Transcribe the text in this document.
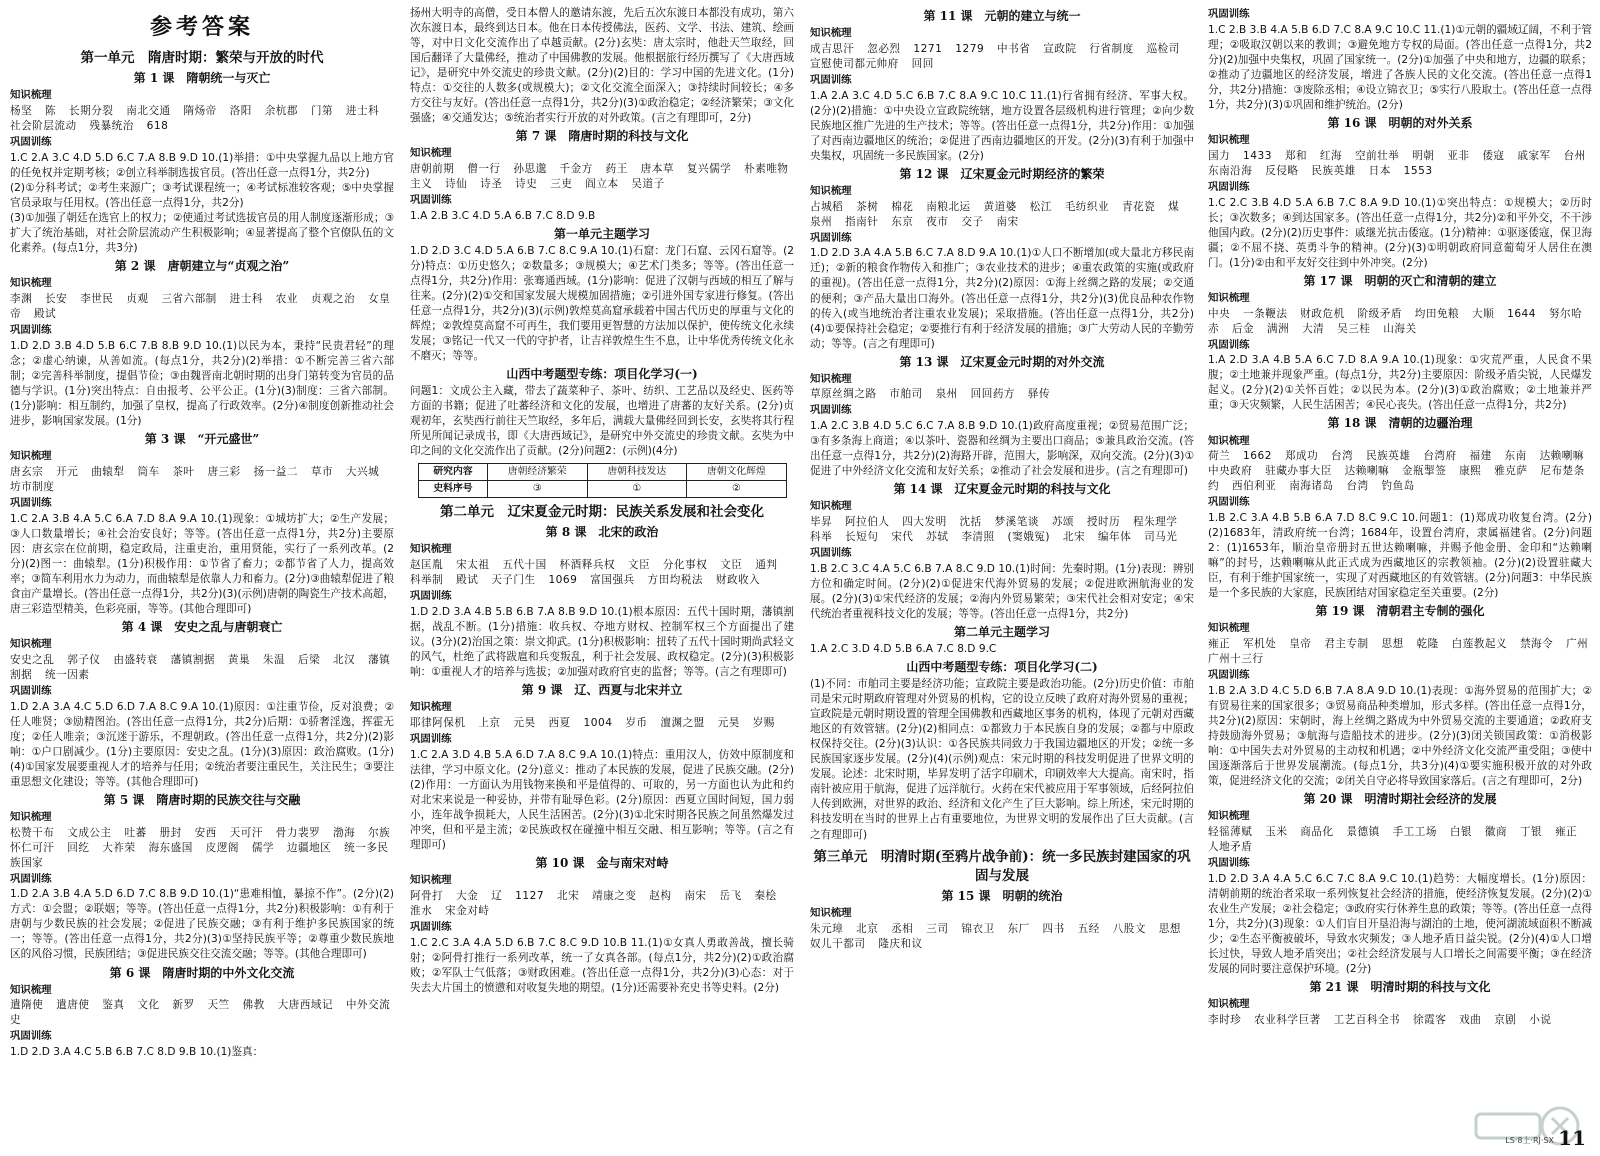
参考答案
第一单元　隋唐时期：繁荣与开放的时代
第 1 课　隋朝统一与灭亡
知识梳理
杨坚 陈 长期分裂 南北交通 隋炀帝 洛阳 余杭郡 门第 进士科 社会阶层流动 残暴统治 618
巩固训练
1.C 2.A 3.C 4.D 5.D 6.C 7.A 8.B 9.D 10.(1)举措：①中央掌握九品以上地方官的任免权并定期考核；②创立科举制选拔官员。(答出任意一点得1分，共2分)
(2)①分科考试；②考生来源广；③考试课程统一；④考试标准较客观；⑤中央掌握官员录取与任用权。(答出任意一点得1分，共2分)
(3)①加强了朝廷在选官上的权力；②使通过考试选拔官员的用人制度逐渐形成；③扩大了统治基础，对社会阶层流动产生积极影响；④显著提高了整个官僚队伍的文化素养。(每点1分，共3分)
第 2 课　唐朝建立与“贞观之治”
知识梳理
李渊 长安 李世民 贞观 三省六部制 进士科 农业 贞观之治 女皇帝 殿试
巩固训练
1.D 2.D 3.B 4.D 5.B 6.C 7.B 8.B 9.D 10.(1)以民为本，秉持“民贵君轻”的理念；②虚心纳谏，从善如流。(每点1分，共2分)(2)举措：①不断完善三省六部制；②完善科举制度，提倡节俭；③由魏晋南北朝时期的出身门第转变为官员的品德与学识。(1分)突出特点：自由报考、公平公正。(1分)(3)制度：三省六部制。(1分)影响：相互制约，加强了皇权，提高了行政效率。(2分)④制度创新推动社会进步，影响国家发展。(1分)
第 3 课　“开元盛世”
知识梳理
唐玄宗 开元 曲辕犁 筒车 茶叶 唐三彩 扬一益二 草市 大兴城 坊市制度
巩固训练
1.C 2.A 3.B 4.A 5.C 6.A 7.D 8.A 9.A 10.(1)现象：①城坊扩大；②生产发展；③人口数量增长；④社会治安良好；等等。(答出任意一点得1分，共2分)主要原因：唐玄宗在位前期，稳定政局，注重吏治，重用贤能，实行了一系列改革。(2分)(2)图一：曲辕犁。(1分)积极作用：①节省了畜力；②都节省了人力，提高效率；③简车利用水力为动力，而曲辕犁是依靠人力和畜力。(2分)③曲辕犁促进了粮食亩产量增长。(答出任意一点得1分，共2分)(3)(示例)唐朝的陶瓷生产技术高超，唐三彩造型精美，色彩亮丽，等等。(其他合理即可)
第 4 课　安史之乱与唐朝衰亡
知识梳理
安史之乱 郭子仪 由盛转衰 藩镇割据 黄巢 朱温 后梁 北汉 藩镇割据 统一因素
巩固训练
1.D 2.A 3.A 4.C 5.D 6.D 7.A 8.C 9.A 10.(1)原因：①注重节俭，反对浪费；②任人唯贤；③励精图治。(答出任意一点得1分，共2分)后期：①骄奢淫逸，挥霍无度；②任人唯亲；③沉迷于游乐，不理朝政。(答出任意一点得1分，共2分)(2)影响：①户口剧减少。(1分)主要原因：安史之乱。(1分)(3)原因：政治腐败。(1分)(4)①国家发展要重视人才的培养与任用；②统治者要注重民生，关注民生；③要注重思想文化建设；等等。(其他合理即可)
第 5 课　隋唐时期的民族交往与交融
知识梳理
松赞干布 文成公主 吐蕃 册封 安西 天可汗 骨力裴罗 渤海 尔族 怀仁可汗 回纥 大祚荣 海东盛国 皮逻阁 儒学 边疆地区 统一多民族国家
巩固训练
1.D 2.A 3.B 4.A 5.D 6.D 7.C 8.B 9.D 10.(1)“患难相恤，暴掠不作”。(2分)(2)方式：①会盟；②联姻；等等。(答出任意一点得1分，共2分)积极影响：①有利于唐朝与少数民族的社会发展；②促进了民族交融；③有利于维护多民族国家的统一；等等。(答出任意一点得1分，共2分)(3)①坚持民族平等；②尊重少数民族地区的风俗习惯，民族团结；③促进民族交往交流交融；等等。(其他合理即可)
第 6 课　隋唐时期的中外文化交流
知识梳理
遣隋使 遣唐使 鉴真 文化 新罗 天竺 佛教 大唐西域记 中外交流史
巩固训练
1.D 2.D 3.A 4.C 5.B 6.B 7.C 8.D 9.B 10.(1)鉴真：
扬州大明寺的高僧，受日本僧人的邀请东渡，先后五次东渡日本都没有成功，第六次东渡日本，最终到达日本。他在日本传授佛法，医药、文学、书法、建筑、绘画等，对中日文化交流作出了卓越贡献。(2分)玄奘：唐太宗时，他赴天竺取经，回国后翻译了大量佛经，推动了中国佛教的发展。他根据旅行经历撰写了《大唐西域记》，是研究中外交流史的珍贵文献。(2分)(2)目的：学习中国的先进文化。(1分)特点：①交往的人数多(或规模大)；②文化交流全面深入；③持续时间较长；④多方交往与友好。(答出任意一点得1分，共2分)(3)①政治稳定；②经济繁荣；③文化强盛；④交通发达；⑤统治者实行开放的对外政策。(言之有理即可，2分)
第 7 课　隋唐时期的科技与文化
知识梳理
唐朝前期 僧一行 孙思邈 千金方 药王 唐本草 复兴儒学 朴素唯物主义 诗仙 诗圣 诗史 三吏 阎立本 吴道子
巩固训练
1.A 2.B 3.C 4.D 5.A 6.B 7.C 8.D 9.B
第一单元主题学习
1.D 2.D 3.C 4.D 5.A 6.B 7.C 8.C 9.A 10.(1)石窟：龙门石窟、云冈石窟等。(2分)特点：①历史悠久；②数量多；③规模大；④艺术门类多；等等。(答出任意一点得1分，共2分)作用：张骞通西域。(1分)影响：促进了汉朝与西域的相互了解与往来。(2分)(2)①交和国家发展大规模加固措施；②引进外国专家进行修复。(答出任意一点得1分，共2分)(3)(示例)敦煌莫高窟承载着中国古代历史的厚重与文化的辉煌；②敦煌莫高窟不可再生，我们要用更智慧的方法加以保护，使传统文化永续发展；③铭记一代又一代的守护者，让吉祥敦煌生生不息，让中华优秀传统文化永不磨灭；等等。
山西中考题型专练：项目化学习(一)
问题1：文成公主入藏，带去了蔬菜种子、茶叶、纺织、工艺品以及经史、医药等方面的书籍；促进了吐蕃经济和文化的发展，也增进了唐蕃的友好关系。(2分)贞观初年，玄奘西行前往天竺取经，多年后，满载大量佛经回到长安，玄奘将其行程所见所闻记录成书，即《大唐西域记》，是研究中外交流史的珍贵文献。玄奘为中印之间的文化交流作出了贡献。(2分)问题2：(示例)(4分)
研究内容	唐朝经济繁荣	唐朝科技发达	唐朝文化辉煌
史料序号	③	①	②
第二单元　辽宋夏金元时期：民族关系发展和社会变化
第 8 课　北宋的政治
知识梳理
赵匡胤 宋太祖 五代十国 杯酒释兵权 文臣 分化事权 文臣 通判 科举制 殿试 天子门生 1069 富国强兵 方田均税法 财政收入
巩固训练
1.D 2.D 3.A 4.B 5.B 6.B 7.A 8.B 9.D 10.(1)根本原因：五代十国时期，藩镇割据，战乱不断。(1分)措施：收兵权、夺地方财权、控制军权三个方面提出了建议。(3分)(2)治国之策：崇文抑武。(1分)积极影响：扭转了五代十国时期尚武轻文的风气，杜绝了武将跋扈和兵变叛乱，利于社会发展、政权稳定。(2分)(3)积极影响：①重视人才的培养与选拔；②加强对政府官吏的监督；等等。(言之有理即可)
第 9 课　辽、西夏与北宋并立
知识梳理
耶律阿保机 上京 元昊 西夏 1004 岁币 澶渊之盟 元昊 岁赐
巩固训练
1.C 2.A 3.D 4.B 5.A 6.D 7.A 8.C 9.A 10.(1)特点：重用汉人，仿效中原制度和法律，学习中原文化。(2分)意义：推动了本民族的发展，促进了民族交融。(2分)(2)作用：一方面认为用钱物来换和平是值得的、可取的，另一方面也认为此和约对北宋来说是一种妥协，并带有耻辱色彩。(2分)原因：西夏立国时间短，国力弱小，连年战争损耗大，人民生活困苦。(2分)(3)①北宋时期各民族之间虽然爆发过冲突，但和平是主流；②民族政权在碰撞中相互交融、相互影响；等等。(言之有理即可)
第 10 课　金与南宋对峙
知识梳理
阿骨打 大金 辽 1127 北宋 靖康之变 赵构 南宋 岳飞 秦桧 淮水 宋金对峙
巩固训练
1.C 2.C 3.A 4.A 5.D 6.B 7.C 8.C 9.D 10.B 11.(1)①女真人勇敢善战，擅长骑射；②阿骨打推行一系列改革，统一了女真各部。(每点1分，共2分)(2)①政治腐败；②军队士气低落；③财政困难。(答出任意一点得1分，共2分)(3)心态：对于失去大片国土的愤懑和对收复失地的期望。(1分)还需要补充史书等史料。(2分)
第 11 课　元朝的建立与统一
知识梳理
成吉思汗 忽必烈 1271 1279 中书省 宣政院 行省制度 巡检司 宣慰使司都元帅府 回回
巩固训练
1.A 2.A 3.C 4.D 5.C 6.B 7.C 8.A 9.C 10.C 11.(1)行省拥有经济、军事大权。(2分)(2)措施：①中央设立宣政院统辖，地方设置各层级机构进行管理；②向少数民族地区推广先进的生产技术；等等。(答出任意一点得1分，共2分)作用：①加强了对西南边疆地区的统治；②促进了西南边疆地区的开发。(2分)(3)有利于加强中央集权，巩固统一多民族国家。(2分)
第 12 课　辽宋夏金元时期经济的繁荣
知识梳理
占城稻 茶树 棉花 南粮北运 黄道婆 松江 毛纺织业 青花瓷 煤 泉州 指南针 东京 夜市 交子 南宋
巩固训练
1.D 2.D 3.A 4.A 5.B 6.C 7.A 8.D 9.A 10.(1)①人口不断增加(或大量北方移民南迁)；②新的粮食作物传入和推广；③农业技术的进步；④重农政策的实施(或政府的重视)。(答出任意一点得1分，共2分)(2)原因：①海上丝绸之路的发展；②交通的便利；③产品大量出口海外。(答出任意一点得1分，共2分)(3)优良品种农作物的传入(或当地统治者注重农业发展)；采取措施。(答出任意一点得1分，共2分)(4)①要保持社会稳定；②要推行有利于经济发展的措施；③广大劳动人民的辛勤劳动；等等。(言之有理即可)
第 13 课　辽宋夏金元时期的对外交流
知识梳理
草原丝绸之路 市舶司 泉州 回回药方 驿传
巩固训练
1.A 2.C 3.B 4.D 5.C 6.C 7.A 8.B 9.D 10.(1)政府高度重视；②贸易范围广泛；③有多条海上商道；④以茶叶、瓷器和丝绸为主要出口商品；⑤兼具政治交流。(答出任意一点得1分，共2分)(2)海路开辟，范围大，影响深，双向交流。(2分)(3)①促进了中外经济文化交流和友好关系；②推动了社会发展和进步。(言之有理即可)
第 14 课　辽宋夏金元时期的科技与文化
知识梳理
毕昇 阿拉伯人 四大发明 沈括 梦溪笔谈 苏颂 授时历 程朱理学 科举 长短句 宋代 苏轼 李清照 (窦娥冤) 北宋 编年体 司马光
巩固训练
1.B 2.C 3.C 4.A 5.C 6.B 7.A 8.C 9.D 10.(1)时间：先秦时期。(1分)表现：辨别方位和确定时间。(2分)(2)①促进宋代海外贸易的发展；②促进欧洲航海业的发展。(2分)(3)①宋代经济的发展；②海内外贸易繁荣；③宋代社会相对安定；④宋代统治者重视科技文化的发展；等等。(答出任意一点得1分，共2分)
第二单元主题学习
1.A 2.C 3.D 4.D 5.B 6.A 7.C 8.D 9.C
山西中考题型专练：项目化学习(二)
(1)不同：市舶司主要是经济功能；宣政院主要是政治功能。(2分)历史价值：市舶司是宋元时期政府管理对外贸易的机构，它的设立反映了政府对海外贸易的重视；宣政院是元朝时期设置的管理全国佛教和西藏地区事务的机构，体现了元朝对西藏地区的有效管辖。(2分)(2)相同点：①都致力于本民族自身的发展；②都与中原政权保持交往。(2分)(3)认识：①各民族共同致力于我国边疆地区的开发；②统一多民族国家逐步发展。(2分)(4)(示例)观点：宋元时期的科技发明促进了世界文明的发展。论述：北宋时期，毕昇发明了活字印刷术，印刷效率大大提高。南宋时，指南针被应用于航海，促进了远洋航行。火药在宋代被应用于军事领域，后经阿拉伯人传到欧洲，对世界的政治、经济和文化产生了巨大影响。综上所述，宋元时期的科技发明在当时的世界上占有重要地位，为世界文明的发展作出了巨大贡献。(言之有理即可)
第三单元　明清时期(至鸦片战争前)：统一多民族封建国家的巩固与发展
第 15 课　明朝的统治
知识梳理
朱元璋 北京 丞相 三司 锦衣卫 东厂 四书 五经 八股文 思想 奴儿干都司 隆庆和议
巩固训练
1.C 2.B 3.B 4.A 5.B 6.D 7.C 8.A 9.C 10.C 11.(1)①元朝的疆域辽阔，不利于管理；②吸取汉朝以来的教训；③避免地方专权的局面。(答出任意一点得1分，共2分)(2)加强中央集权，巩固了国家统一。(2分)①加强了中央和地方，边疆的联系；②推动了边疆地区的经济发展，增进了各族人民的文化交流。(答出任意一点得1分，共2分)措施：③废除丞相；④设立锦衣卫；⑤实行八股取士。(答出任意一点得1分，共2分)(3)①巩固和维护统治。(2分)
第 16 课　明朝的对外关系
知识梳理
国力 1433 郑和 红海 空前壮举 明朝 亚非 倭寇 戚家军 台州 东南沿海 反侵略 民族英雄 日本 1553
巩固训练
1.C 2.C 3.B 4.D 5.A 6.B 7.C 8.A 9.D 10.(1)①突出特点：①规模大；②历时长；③次数多；④到达国家多。(答出任意一点得1分，共2分)②和平外交，不干涉他国内政。(2分)(2)历史事件：戚继光抗击倭寇。(1分)精神：①驱逐倭寇，保卫海疆；②不屈不挠、英勇斗争的精神。(2分)(3)①明朝政府同意葡萄牙人居住在澳门。(1分)②由和平友好交往到中外冲突。(2分)
第 17 课　明朝的灭亡和清朝的建立
知识梳理
中央 一条鞭法 财政危机 阶级矛盾 均田免粮 大顺 1644 努尔哈赤 后金 满洲 大清 吴三桂 山海关
巩固训练
1.A 2.D 3.A 4.B 5.A 6.C 7.D 8.A 9.A 10.(1)现象：①灾荒严重，人民食不果腹；②土地兼并现象严重。(每点1分，共2分)主要原因：阶级矛盾尖锐，人民爆发起义。(2分)(2)①关怀百姓；②以民为本。(2分)(3)①政治腐败；②土地兼并严重；③天灾频繁，人民生活困苦；④民心丧失。(答出任意一点得1分，共2分)
第 18 课　清朝的边疆治理
知识梳理
荷兰 1662 郑成功 台湾 民族英雄 台湾府 福建 东南 达赖喇嘛 中央政府 驻藏办事大臣 达赖喇嘛 金瓶掣签 康熙 雅克萨 尼布楚条约 西伯利亚 南海诸岛 台湾 钓鱼岛
巩固训练
1.B 2.C 3.A 4.B 5.B 6.A 7.D 8.C 9.C 10.问题1：(1)郑成功收复台湾。(2分)(2)1683年，清政府统一台湾；1684年，设置台湾府，隶属福建省。(2分)问题2：(1)1653年，顺治皇帝册封五世达赖喇嘛，并赐予他金册、金印和“达赖喇嘛”的封号，达赖喇嘛从此正式成为西藏地区的宗教领袖。(2分)(2)设置驻藏大臣，有利于维护国家统一，实现了对西藏地区的有效管辖。(2分)问题3：中华民族是一个多民族的大家庭，民族团结对国家稳定至关重要。(2分)
第 19 课　清朝君主专制的强化
知识梳理
雍正 军机处 皇帝 君主专制 思想 乾隆 白莲教起义 禁海令 广州 广州十三行
巩固训练
1.B 2.A 3.D 4.C 5.D 6.B 7.A 8.A 9.D 10.(1)表现：①海外贸易的范围扩大；②有贸易往来的国家很多；③贸易商品种类增加，形式多样。(答出任意一点得1分，共2分)(2)原因：宋朝时，海上丝绸之路成为中外贸易交流的主要通道；②政府支持鼓励海外贸易；③航海与造船技术的进步。(2分)(3)闭关锁国政策：①消极影响：①中国失去对外贸易的主动权和机遇；②中外经济文化交流严重受阻；③使中国逐渐落后于世界发展潮流。(每点1分，共3分)(4)①要实施积极开放的对外政策，促进经济文化的交流；②闭关自守必将导致国家落后。(言之有理即可，2分)
第 20 课　明清时期社会经济的发展
知识梳理
轻徭薄赋 玉米 商品化 景德镇 手工工场 白银 徽商 丁银 雍正 人地矛盾
巩固训练
1.D 2.D 3.A 4.A 5.C 6.C 7.C 8.A 9.C 10.(1)趋势：大幅度增长。(1分)原因：清朝前期的统治者采取一系列恢复社会经济的措施，使经济恢复发展。(2分)(2)①农业生产发展；②社会稳定；③政府实行休养生息的政策；等等。(答出任意一点得1分，共2分)(3)现象：①人们盲目开垦沿海与湖泊的土地，使河湖流域面积不断减少；②生态平衡被破坏，导致水灾频发；③人地矛盾日益尖锐。(2分)(4)①人口增长过快，导致人地矛盾突出；②社会经济发展与人口增长之间需要平衡；③在经济发展的同时要注意保护环境。(2分)
第 21 课　明清时期的科技与文化
知识梳理
李时珍 农业科学巨著 工艺百科全书 徐霞客 戏曲 京剧 小说
LS·8上·RJ·SX 11
